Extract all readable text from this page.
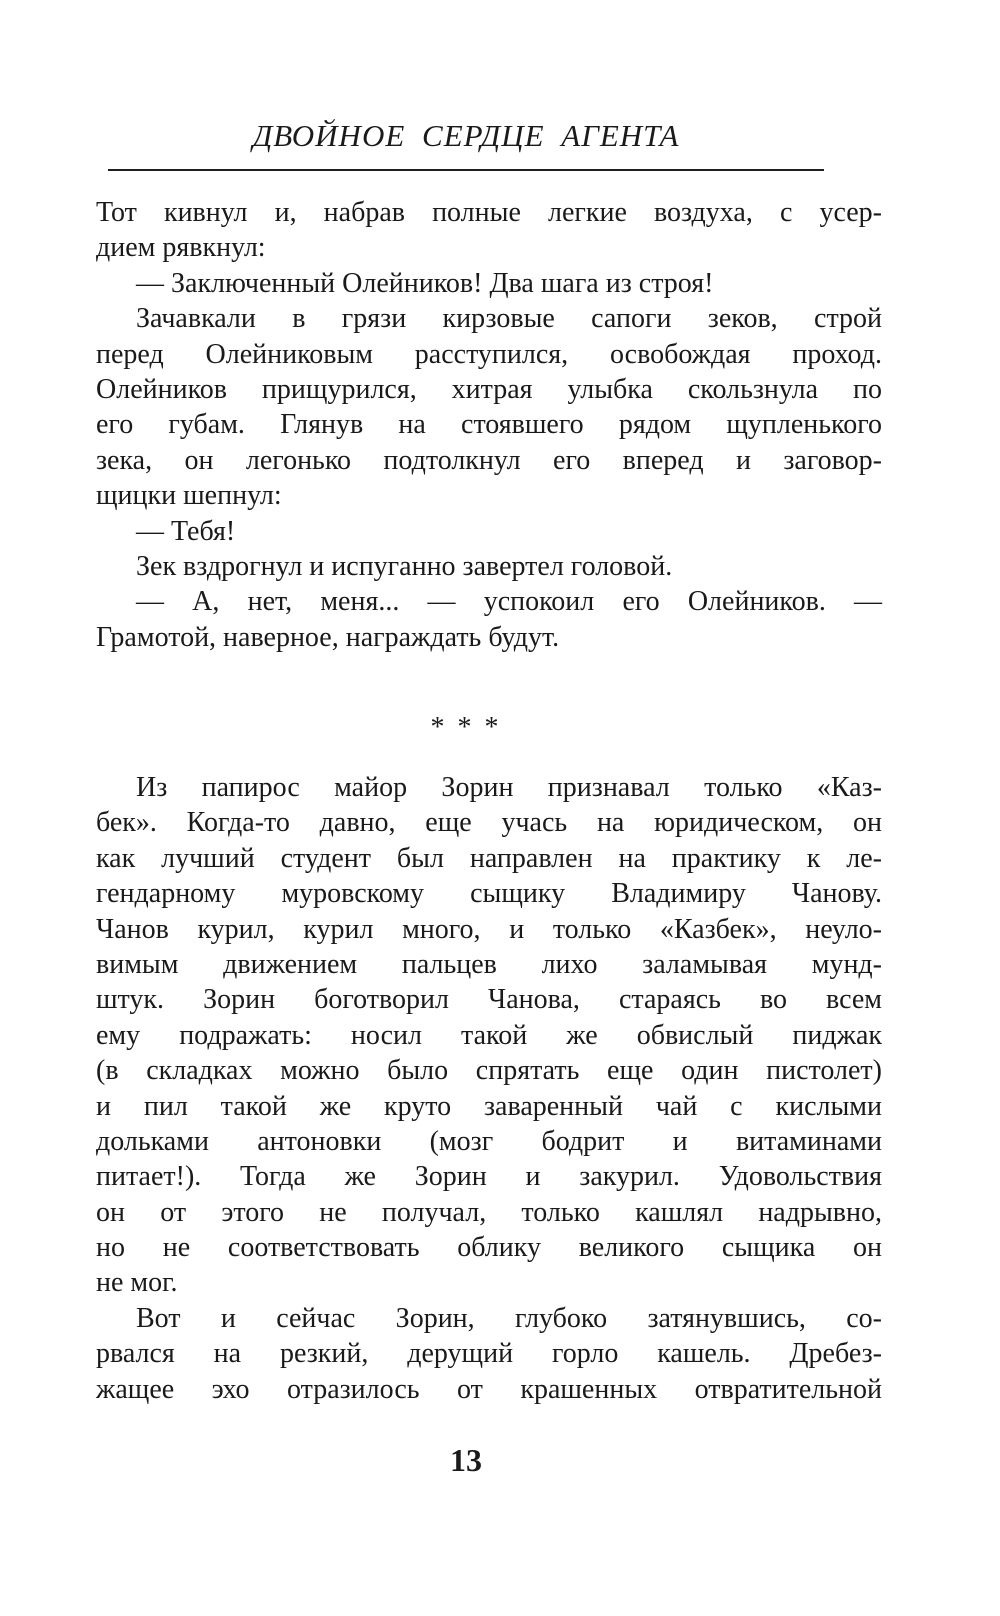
ДВОЙНОЕ СЕРДЦЕ АГЕНТА
Тот кивнул и, набрав полные легкие воздуха, с усер-
дием рявкнул:
— Заключенный Олейников! Два шага из строя!
Зачавкали в грязи кирзовые сапоги зеков, строй
перед Олейниковым расступился, освобождая проход.
Олейников прищурился, хитрая улыбка скользнула по
его губам. Глянув на стоявшего рядом щупленького
зека, он легонько подтолкнул его вперед и заговор-
щицки шепнул:
— Тебя!
Зек вздрогнул и испуганно завертел головой.
— А, нет, меня... — успокоил его Олейников. —
Грамотой, наверное, награждать будут.
* * *
Из папирос майор Зорин признавал только «Каз-
бек». Когда-то давно, еще учась на юридическом, он
как лучший студент был направлен на практику к ле-
гендарному муровскому сыщику Владимиру Чанову.
Чанов курил, курил много, и только «Казбек», неуло-
вимым движением пальцев лихо заламывая мунд-
штук. Зорин боготворил Чанова, стараясь во всем
ему подражать: носил такой же обвислый пиджак
(в складках можно было спрятать еще один пистолет)
и пил такой же круто заваренный чай с кислыми
дольками антоновки (мозг бодрит и витаминами
питает!). Тогда же Зорин и закурил. Удовольствия
он от этого не получал, только кашлял надрывно,
но не соответствовать облику великого сыщика он
не мог.
Вот и сейчас Зорин, глубоко затянувшись, со-
рвался на резкий, дерущий горло кашель. Дребез-
жащее эхо отразилось от крашенных отвратительной
13
